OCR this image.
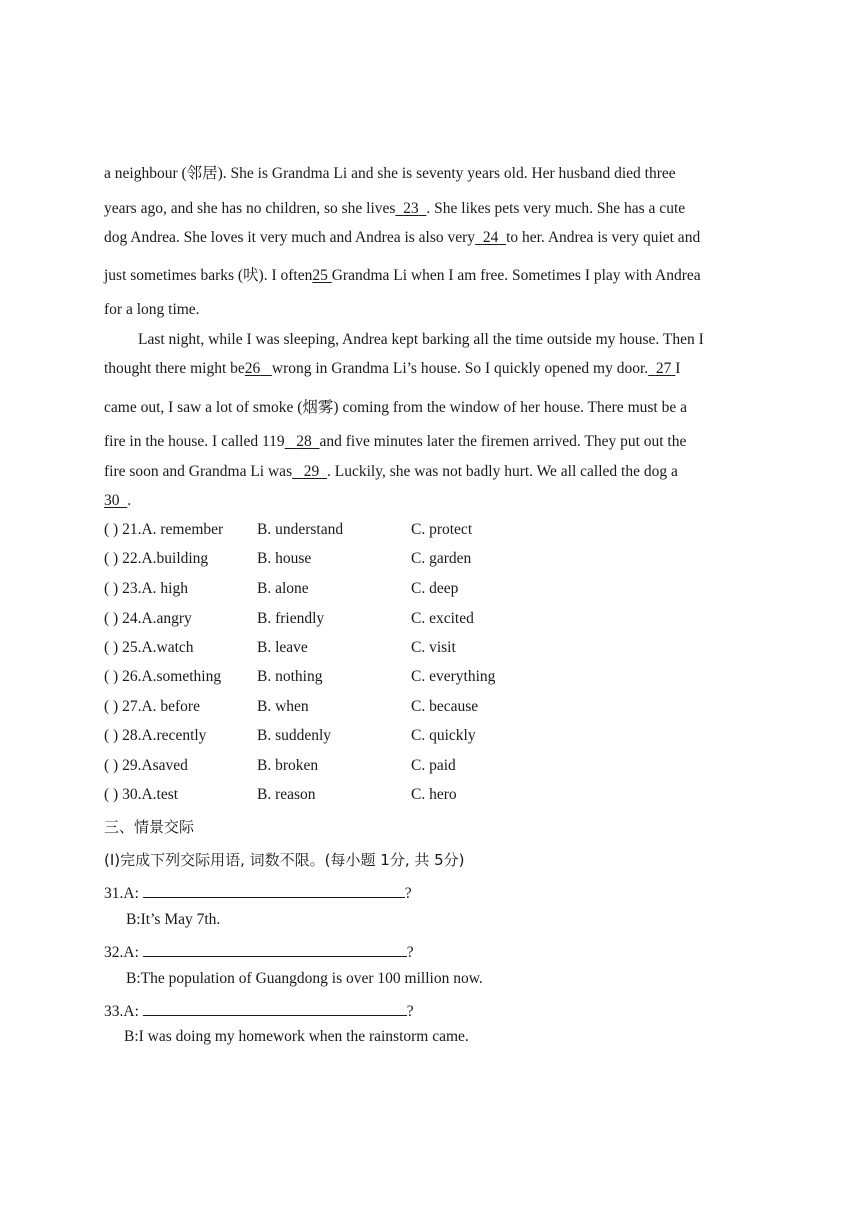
a neighbour (邻居). She is Grandma Li and she is seventy years old. Her husband died three
years ago, and she has no children, so she lives 23 . She likes pets very much. She has a cute
dog Andrea. She loves it very much and Andrea is also very 24 to her. Andrea is very quiet and
just sometimes barks (吠). I often25 Grandma Li when I am free. Sometimes I play with Andrea
for a long time.
Last night, while I was sleeping, Andrea kept barking all the time outside my house. Then I
thought there might be26 wrong in Grandma Li’s house. So I quickly opened my door. 27 I
came out, I saw a lot of smoke (烟雾) coming from the window of her house. There must be a
fire in the house. I called 119 28 and five minutes later the firemen arrived. They put out the
fire soon and Grandma Li was 29 . Luckily, she was not badly hurt. We all called the dog a
30 .
( ) 21.A. remember B. understand	C. protect
( ) 22.A.building	B. house	C. garden
( ) 23.A. high	B. alone	C. deep
( ) 24.A.angry	B. friendly	C. excited
( ) 25.A.watch	B. leave	C. visit
( ) 26.A.something B. nothing	C. everything
( ) 27.A. before	B. when	C. because
( ) 28.A.recently	B. suddenly	C. quickly
( ) 29.Asaved	B. broken	C. paid
( ) 30.A.test	B. reason	C. hero
三、情景交际
(I)完成下列交际用语, 词数不限。(每小题 1分, 共 5分)
31.A:	?
B:It’s May 7th.
32.A:	?
B:The population of Guangdong is over 100 million now.
33.A:	?
B:I was doing my homework when the rainstorm came.
